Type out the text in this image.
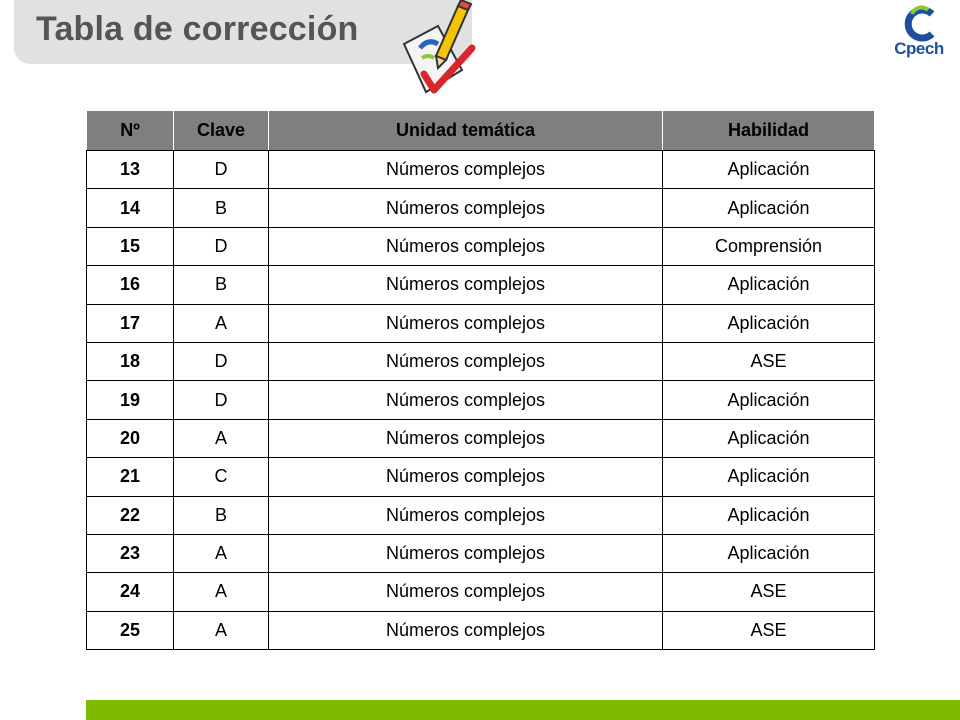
Tabla de corrección
Cpech
Nº	Clave	Unidad temática	Habilidad
13	D	Números complejos	Aplicación
14	B	Números complejos	Aplicación
15	D	Números complejos	Comprensión
16	B	Números complejos	Aplicación
17	A	Números complejos	Aplicación
18	D	Números complejos	ASE
19	D	Números complejos	Aplicación
20	A	Números complejos	Aplicación
21	C	Números complejos	Aplicación
22	B	Números complejos	Aplicación
23	A	Números complejos	Aplicación
24	A	Números complejos	ASE
25	A	Números complejos	ASE
